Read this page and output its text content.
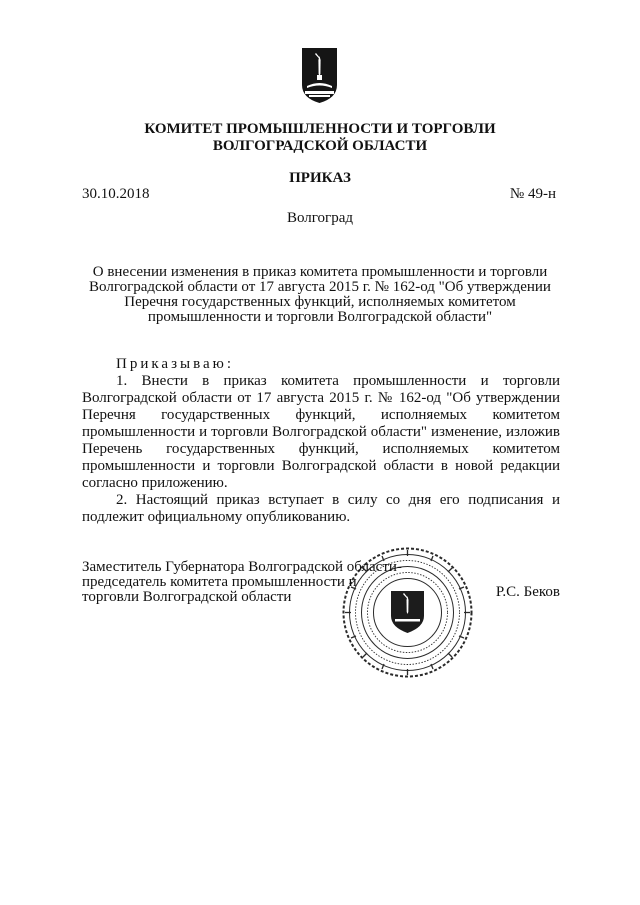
КОМИТЕТ ПРОМЫШЛЕННОСТИ И ТОРГОВЛИ
ВОЛГОГРАДСКОЙ ОБЛАСТИ
ПРИКАЗ
30.10.2018	№ 49-н
Волгоград
О внесении изменения в приказ комитета промышленности и торговли
Волгоградской области от 17 августа 2015 г. № 162-од "Об утверждении
Перечня государственных функций, исполняемых комитетом
промышленности и торговли Волгоградской области"
Приказываю:

1. Внести в приказ комитета промышленности и торговли Волгоградской области от 17 августа 2015 г. № 162-од "Об утверждении Перечня государственных функций, исполняемых комитетом промышленности и торговли Волгоградской области" изменение, изложив Перечень государственных функций, исполняемых комитетом промышленности и торговли Волгоградской области в новой редакции согласно приложению.

2. Настоящий приказ вступает в силу со дня его подписания и подлежит официальному опубликованию.

Заместитель Губернатора Волгоградской области-
председатель комитета промышленности и
торговли Волгоградской области	Р.С. Беков
